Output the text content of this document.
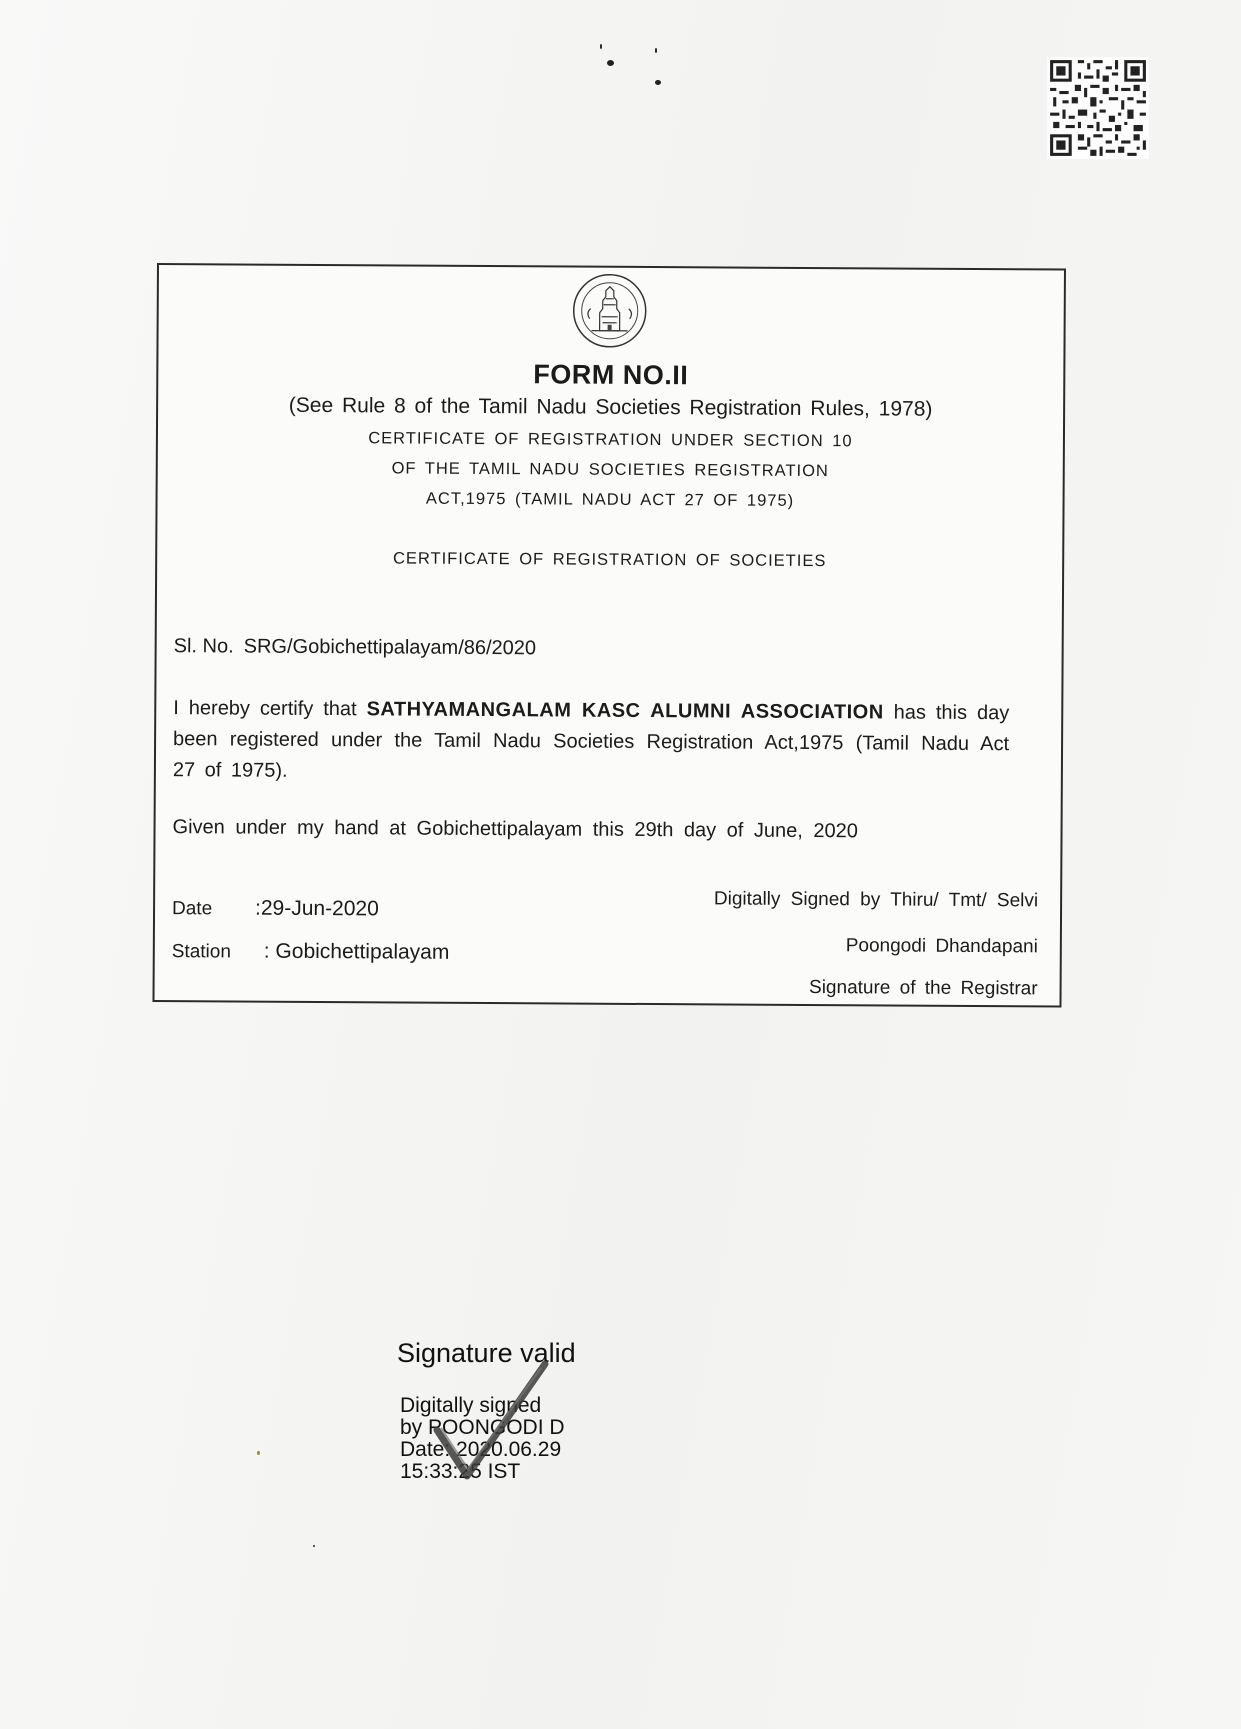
FORM NO.II
(See Rule 8 of the Tamil Nadu Societies Registration Rules, 1978)
CERTIFICATE OF REGISTRATION UNDER SECTION 10
OF THE TAMIL NADU SOCIETIES REGISTRATION
ACT,1975 (TAMIL NADU ACT 27 OF 1975)
CERTIFICATE OF REGISTRATION OF SOCIETIES
Sl. No. SRG/Gobichettipalayam/86/2020
I hereby certify that SATHYAMANGALAM KASC ALUMNI ASSOCIATION has this day been registered under the Tamil Nadu Societies Registration Act,1975 (Tamil Nadu Act 27 of 1975).
Given under my hand at Gobichettipalayam this 29th day of June, 2020
Date :29-Jun-2020
Station : Gobichettipalayam
Digitally Signed by Thiru/ Tmt/ Selvi
Poongodi Dhandapani
Signature of the Registrar
Signature valid
Digitally signed
by POONGODI D
Date: 2020.06.29
15:33:25 IST
